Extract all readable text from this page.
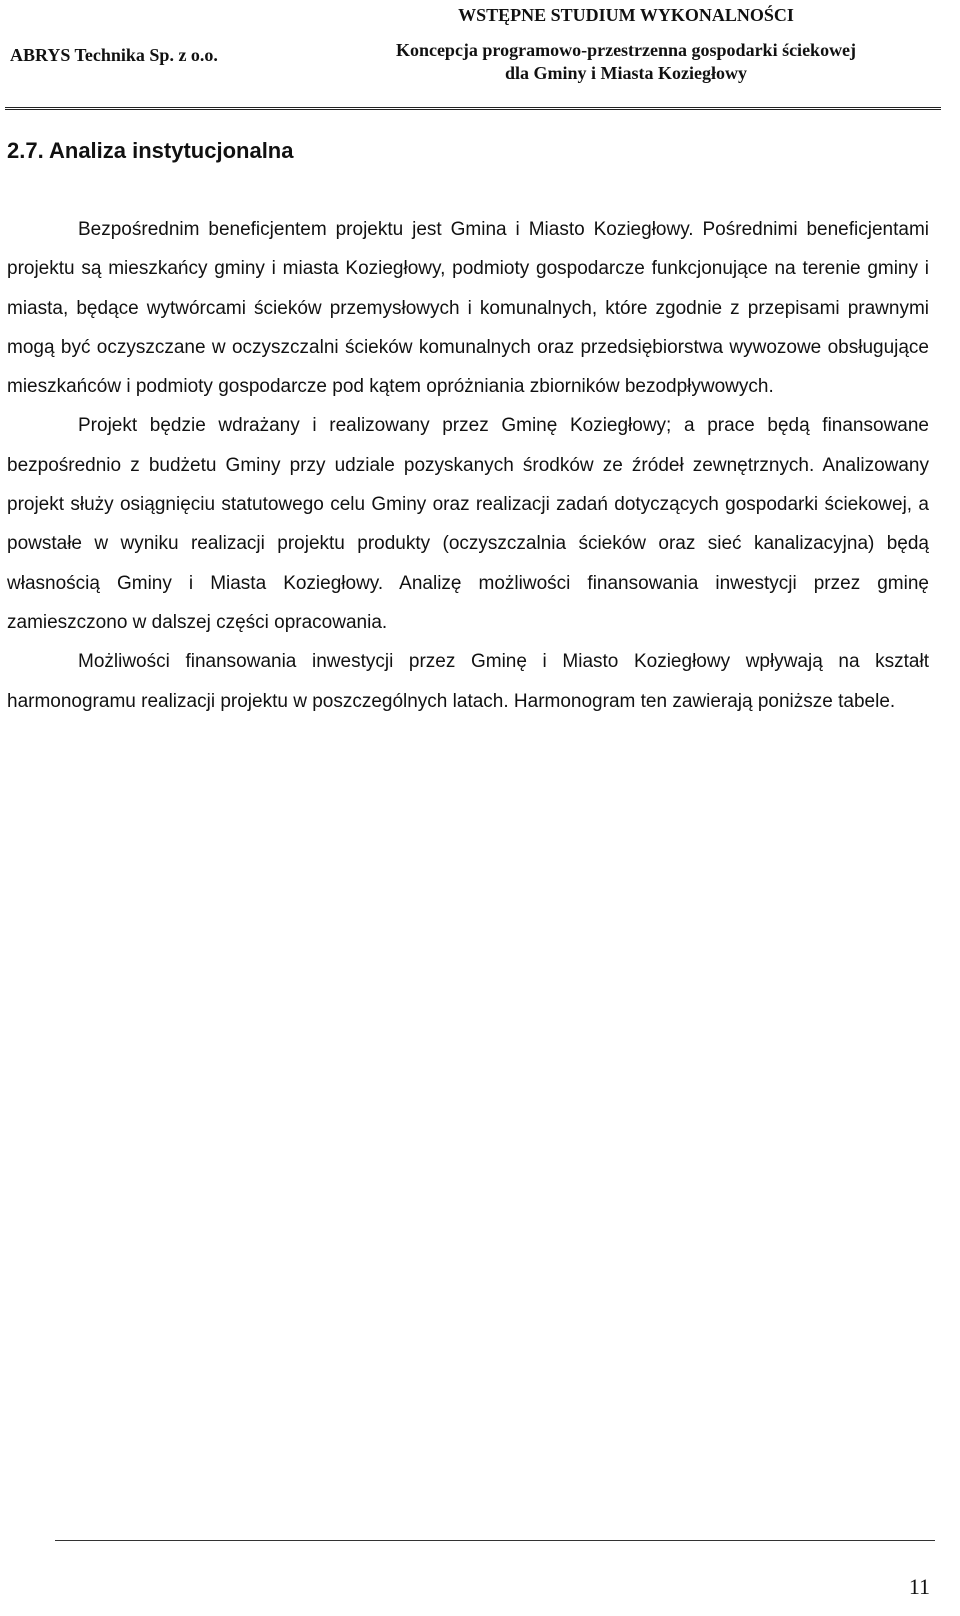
ABRYS Technika Sp. z o.o.
WSTĘPNE STUDIUM WYKONALNOŚCI
Koncepcja programowo-przestrzenna gospodarki ściekowej
dla Gminy i Miasta Koziegłowy
2.7. Analiza instytucjonalna

Bezpośrednim beneficjentem projektu jest Gmina i Miasto Koziegłowy. Pośrednimi beneficjentami projektu są mieszkańcy gminy i miasta Koziegłowy, podmioty gospodarcze funkcjonujące na terenie gminy i miasta, będące wytwórcami ścieków przemysłowych i komunalnych, które zgodnie z przepisami prawnymi mogą być oczyszczane w oczyszczalni ścieków komunalnych oraz przedsiębiorstwa wywozowe obsługujące mieszkańców i podmioty gospodarcze pod kątem opróżniania zbiorników bezodpływowych.

Projekt będzie wdrażany i realizowany przez Gminę Koziegłowy; a prace będą finansowane bezpośrednio z budżetu Gminy przy udziale pozyskanych środków ze źródeł zewnętrznych. Analizowany projekt służy osiągnięciu statutowego celu Gminy oraz realizacji zadań dotyczących gospodarki ściekowej, a powstałe w wyniku realizacji projektu produkty (oczyszczalnia ścieków oraz sieć kanalizacyjna) będą własnością Gminy i Miasta Koziegłowy. Analizę możliwości finansowania inwestycji przez gminę zamieszczono w dalszej części opracowania.

Możliwości finansowania inwestycji przez Gminę i Miasto Koziegłowy wpływają na kształt harmonogramu realizacji projektu w poszczególnych latach. Harmonogram ten zawierają poniższe tabele.

11
